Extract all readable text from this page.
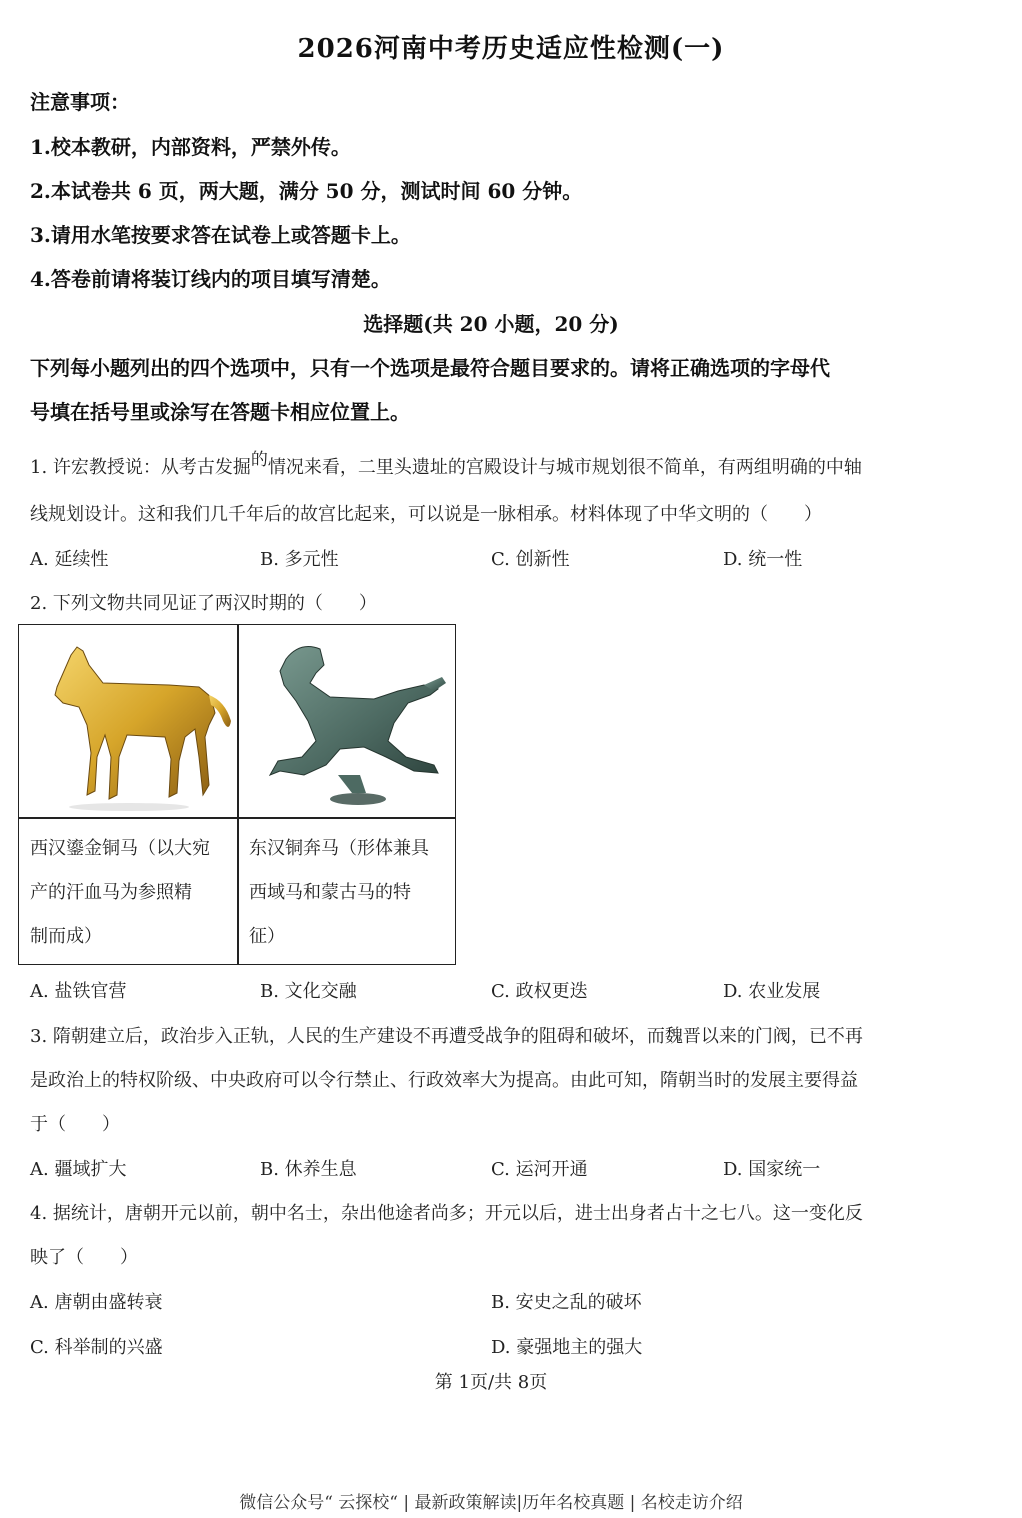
2026河南中考历史适应性检测(一)
注意事项：
1.校本教研，内部资料，严禁外传。
2.本试卷共 6 页，两大题，满分 50 分，测试时间 60 分钟。
3.请用水笔按要求答在试卷上或答题卡上。
4.答卷前请将装订线内的项目填写清楚。
选择题(共 20 小题，20 分)
下列每小题列出的四个选项中，只有一个选项是最符合题目要求的。请将正确选项的字母代
号填在括号里或涂写在答题卡相应位置上。
1. 许宏教授说：从考古发掘的情况来看，二里头遗址的宫殿设计与城市规划很不简单，有两组明确的中轴
线规划设计。这和我们几千年后的故宫比起来，可以说是一脉相承。材料体现了中华文明的（　　）
A. 延续性	B. 多元性	C. 创新性	D. 统一性
2. 下列文物共同见证了两汉时期的（　　）
西汉鎏金铜马（以大宛
产的汗血马为参照精
制而成）
东汉铜奔马（形体兼具
西域马和蒙古马的特
征）
A. 盐铁官营	B. 文化交融	C. 政权更迭	D. 农业发展
3. 隋朝建立后，政治步入正轨，人民的生产建设不再遭受战争的阻碍和破坏，而魏晋以来的门阀，已不再
是政治上的特权阶级、中央政府可以令行禁止、行政效率大为提高。由此可知，隋朝当时的发展主要得益
于（　　）
A. 疆域扩大	B. 休养生息	C. 运河开通	D. 国家统一
4. 据统计，唐朝开元以前，朝中名士，杂出他途者尚多；开元以后，进士出身者占十之七八。这一变化反
映了（　　）
A. 唐朝由盛转衰	B. 安史之乱的破坏
C. 科举制的兴盛	D. 豪强地主的强大
第 1页/共 8页
微信公众号“ 云探校“ | 最新政策解读|历年名校真题 | 名校走访介绍
